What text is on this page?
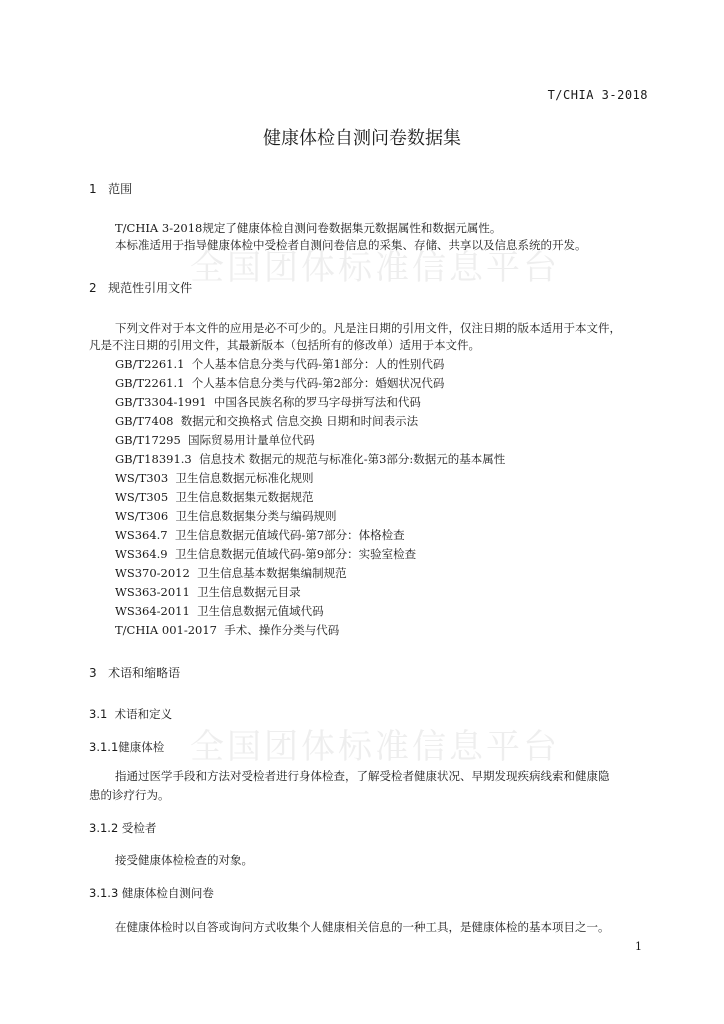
全国团体标准信息平台
全国团体标准信息平台
T/CHIA 3-2018
健康体检自测问卷数据集
1 范围
T/CHIA 3-2018规定了健康体检自测问卷数据集元数据属性和数据元属性。
本标准适用于指导健康体检中受检者自测问卷信息的采集、存储、共享以及信息系统的开发。
2 规范性引用文件
下列文件对于本文件的应用是必不可少的。凡是注日期的引用文件，仅注日期的版本适用于本文件，
凡是不注日期的引用文件，其最新版本（包括所有的修改单）适用于本文件。
GB/T2261.1 个人基本信息分类与代码-第1部分：人的性别代码
GB/T2261.1 个人基本信息分类与代码-第2部分：婚姻状况代码
GB/T3304-1991 中国各民族名称的罗马字母拼写法和代码
GB/T7408 数据元和交换格式 信息交换 日期和时间表示法
GB/T17295 国际贸易用计量单位代码
GB/T18391.3 信息技术 数据元的规范与标准化-第3部分:数据元的基本属性
WS/T303 卫生信息数据元标准化规则
WS/T305 卫生信息数据集元数据规范
WS/T306 卫生信息数据集分类与编码规则
WS364.7 卫生信息数据元值域代码-第7部分：体格检查
WS364.9 卫生信息数据元值域代码-第9部分：实验室检查
WS370-2012 卫生信息基本数据集编制规范
WS363-2011 卫生信息数据元目录
WS364-2011 卫生信息数据元值域代码
T/CHIA 001-2017 手术、操作分类与代码
3 术语和缩略语
3.1 术语和定义
3.1.1健康体检
指通过医学手段和方法对受检者进行身体检查，了解受检者健康状况、早期发现疾病线索和健康隐
患的诊疗行为。
3.1.2 受检者
接受健康体检检查的对象。
3.1.3 健康体检自测问卷
在健康体检时以自答或询问方式收集个人健康相关信息的一种工具，是健康体检的基本项目之一。
1
